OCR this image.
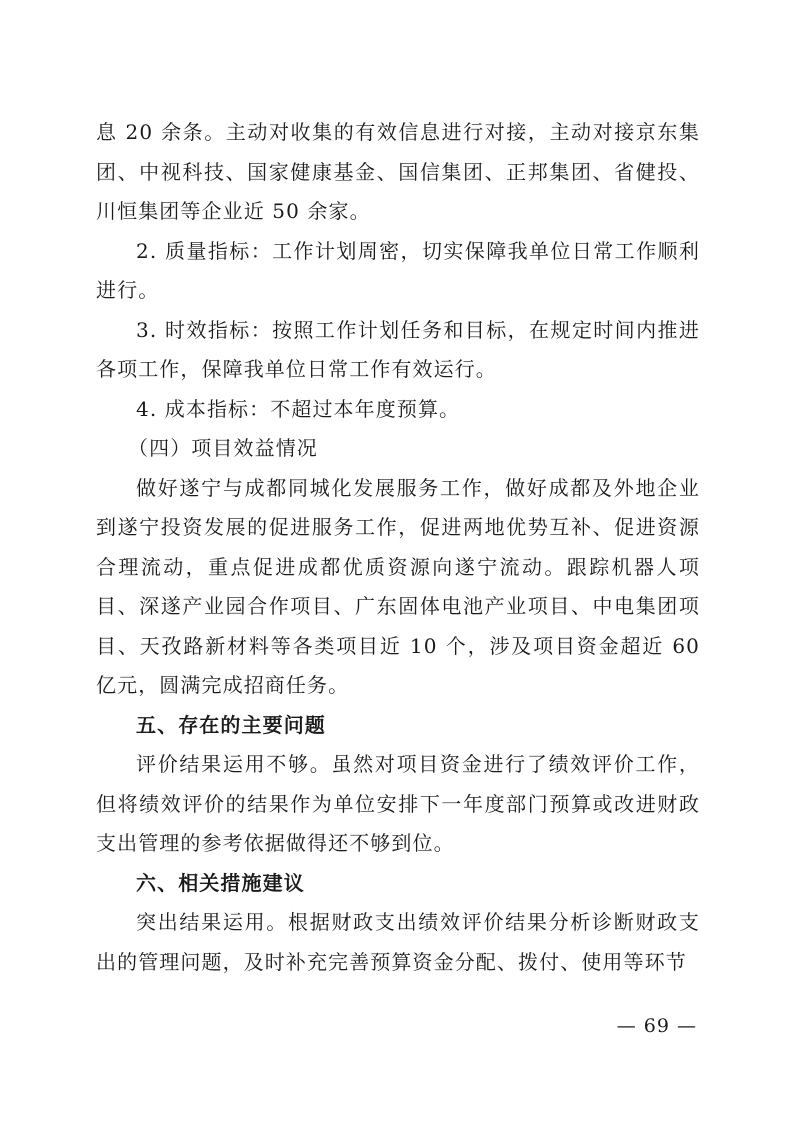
息 20 余条。主动对收集的有效信息进行对接，主动对接京东集团、中视科技、国家健康基金、国信集团、正邦集团、省健投、川恒集团等企业近 50 余家。

2. 质量指标：工作计划周密，切实保障我单位日常工作顺利进行。

3. 时效指标：按照工作计划任务和目标，在规定时间内推进各项工作，保障我单位日常工作有效运行。

4. 成本指标：不超过本年度预算。

（四）项目效益情况

做好遂宁与成都同城化发展服务工作，做好成都及外地企业到遂宁投资发展的促进服务工作，促进两地优势互补、促进资源合理流动，重点促进成都优质资源向遂宁流动。跟踪机器人项目、深遂产业园合作项目、广东固体电池产业项目、中电集团项目、天孜路新材料等各类项目近 10 个，涉及项目资金超近 60 亿元，圆满完成招商任务。

五、存在的主要问题

评价结果运用不够。虽然对项目资金进行了绩效评价工作，但将绩效评价的结果作为单位安排下一年度部门预算或改进财政支出管理的参考依据做得还不够到位。

六、相关措施建议

突出结果运用。根据财政支出绩效评价结果分析诊断财政支出的管理问题，及时补充完善预算资金分配、拨付、使用等环节

— 69 —
